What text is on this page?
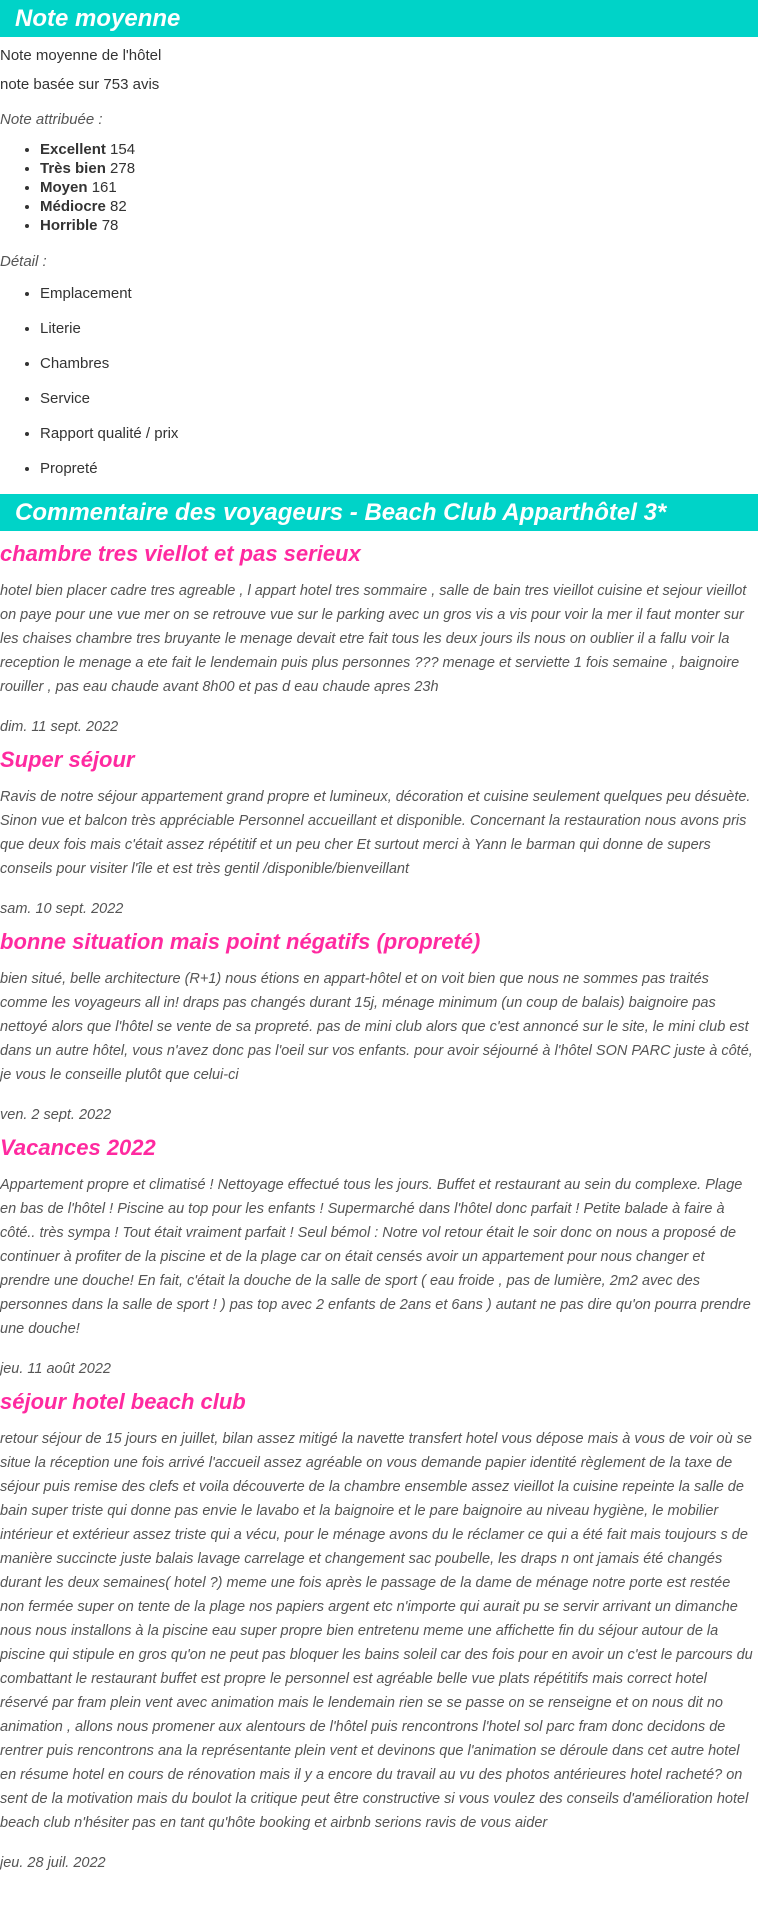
Note moyenne

Note moyenne de l'hôtel

note basée sur 753 avis

Note attribuée :

• Excellent 154
• Très bien 278
• Moyen 161
• Médiocre 82
• Horrible 78

Détail :

• Emplacement
• Literie
• Chambres
• Service
• Rapport qualité / prix
• Propreté
Commentaire des voyageurs - Beach Club Apparthôtel 3*
chambre tres viellot et pas serieux

hotel bien placer cadre tres agreable , l appart hotel tres sommaire , salle de bain tres vieillot cuisine et sejour vieillot on paye pour une vue mer on se retrouve vue sur le parking avec un gros vis a vis pour voir la mer il faut monter sur les chaises chambre tres bruyante le menage devait etre fait tous les deux jours ils nous on oublier il a fallu voir la reception le menage a ete fait le lendemain puis plus personnes ??? menage et serviette 1 fois semaine , baignoire rouiller , pas eau chaude avant 8h00 et pas d eau chaude apres 23h

dim. 11 sept. 2022

Super séjour

Ravis de notre séjour appartement grand propre et lumineux, décoration et cuisine seulement quelques peu désuète. Sinon vue et balcon très appréciable Personnel accueillant et disponible. Concernant la restauration nous avons pris que deux fois mais c'était assez répétitif et un peu cher Et surtout merci à Yann le barman qui donne de supers conseils pour visiter l'île et est très gentil /disponible/bienveillant

sam. 10 sept. 2022

bonne situation mais point négatifs (propreté)

bien situé, belle architecture (R+1) nous étions en appart-hôtel et on voit bien que nous ne sommes pas traités comme les voyageurs all in! draps pas changés durant 15j, ménage minimum (un coup de balais) baignoire pas nettoyé alors que l'hôtel se vente de sa propreté. pas de mini club alors que c'est annoncé sur le site, le mini club est dans un autre hôtel, vous n'avez donc pas l'oeil sur vos enfants. pour avoir séjourné à l'hôtel SON PARC juste à côté, je vous le conseille plutôt que celui-ci

ven. 2 sept. 2022

Vacances 2022

Appartement propre et climatisé ! Nettoyage effectué tous les jours. Buffet et restaurant au sein du complexe. Plage en bas de l'hôtel ! Piscine au top pour les enfants ! Supermarché dans l'hôtel donc parfait ! Petite balade à faire à côté.. très sympa ! Tout était vraiment parfait ! Seul bémol : Notre vol retour était le soir donc on nous a proposé de continuer à profiter de la piscine et de la plage car on était censés avoir un appartement pour nous changer et prendre une douche! En fait, c'était la douche de la salle de sport ( eau froide , pas de lumière, 2m2 avec des personnes dans la salle de sport ! ) pas top avec 2 enfants de 2ans et 6ans ) autant ne pas dire qu'on pourra prendre une douche!

jeu. 11 août 2022

séjour hotel beach club

retour séjour de 15 jours en juillet, bilan assez mitigé la navette transfert hotel vous dépose mais à vous de voir où se situe la réception une fois arrivé l'accueil assez agréable on vous demande papier identité règlement de la taxe de séjour puis remise des clefs et voila découverte de la chambre ensemble assez vieillot la cuisine repeinte la salle de bain super triste qui donne pas envie le lavabo et la baignoire et le pare baignoire au niveau hygiène, le mobilier intérieur et extérieur assez triste qui a vécu, pour le ménage avons du le réclamer ce qui a été fait mais toujours s de manière succincte juste balais lavage carrelage et changement sac poubelle, les draps n ont jamais été changés durant les deux semaines( hotel ?) meme une fois après le passage de la dame de ménage notre porte est restée non fermée super on tente de la plage nos papiers argent etc n'importe qui aurait pu se servir arrivant un dimanche nous nous installons à la piscine eau super propre bien entretenu meme une affichette fin du séjour autour de la piscine qui stipule en gros qu'on ne peut pas bloquer les bains soleil car des fois pour en avoir un c'est le parcours du combattant le restaurant buffet est propre le personnel est agréable belle vue plats répétitifs mais correct hotel réservé par fram plein vent avec animation mais le lendemain rien se se passe on se renseigne et on nous dit no animation , allons nous promener aux alentours de l'hôtel puis rencontrons l'hotel sol parc fram donc decidons de rentrer puis rencontrons ana la représentante plein vent et devinons que l'animation se déroule dans cet autre hotel en résume hotel en cours de rénovation mais il y a encore du travail au vu des photos antérieures hotel racheté? on sent de la motivation mais du boulot la critique peut être constructive si vous voulez des conseils d'amélioration hotel beach club n'hésiter pas en tant qu'hôte booking et airbnb serions ravis de vous aider

jeu. 28 juil. 2022
